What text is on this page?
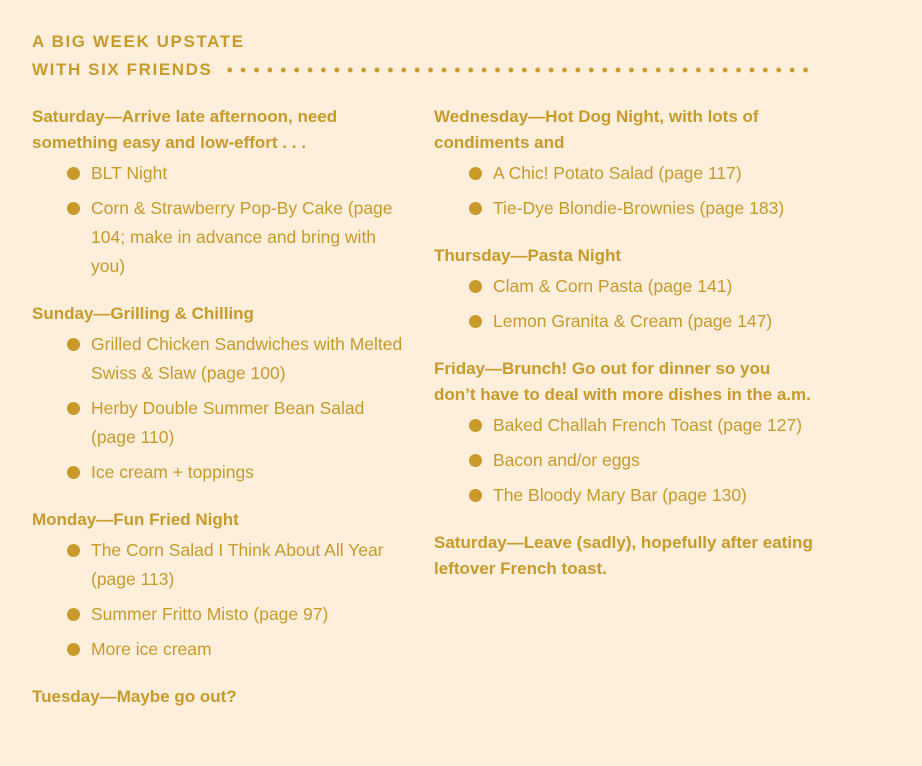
A BIG WEEK UPSTATE
WITH SIX FRIENDS

Saturday—Arrive late afternoon, need something easy and low-effort . . .

BLT Night
Corn & Strawberry Pop-By Cake (page 104; make in advance and bring with you)

Sunday—Grilling & Chilling

Grilled Chicken Sandwiches with Melted Swiss & Slaw (page 100)
Herby Double Summer Bean Salad (page 110)
Ice cream + toppings

Monday—Fun Fried Night

The Corn Salad I Think About All Year (page 113)
Summer Fritto Misto (page 97)
More ice cream

Tuesday—Maybe go out?

Wednesday—Hot Dog Night, with lots of condiments and

A Chic! Potato Salad (page 117)
Tie-Dye Blondie-Brownies (page 183)

Thursday—Pasta Night

Clam & Corn Pasta (page 141)
Lemon Granita & Cream (page 147)

Friday—Brunch! Go out for dinner so you don’t have to deal with more dishes in the a.m.

Baked Challah French Toast (page 127)
Bacon and/or eggs
The Bloody Mary Bar (page 130)

Saturday—Leave (sadly), hopefully after eating leftover French toast.
